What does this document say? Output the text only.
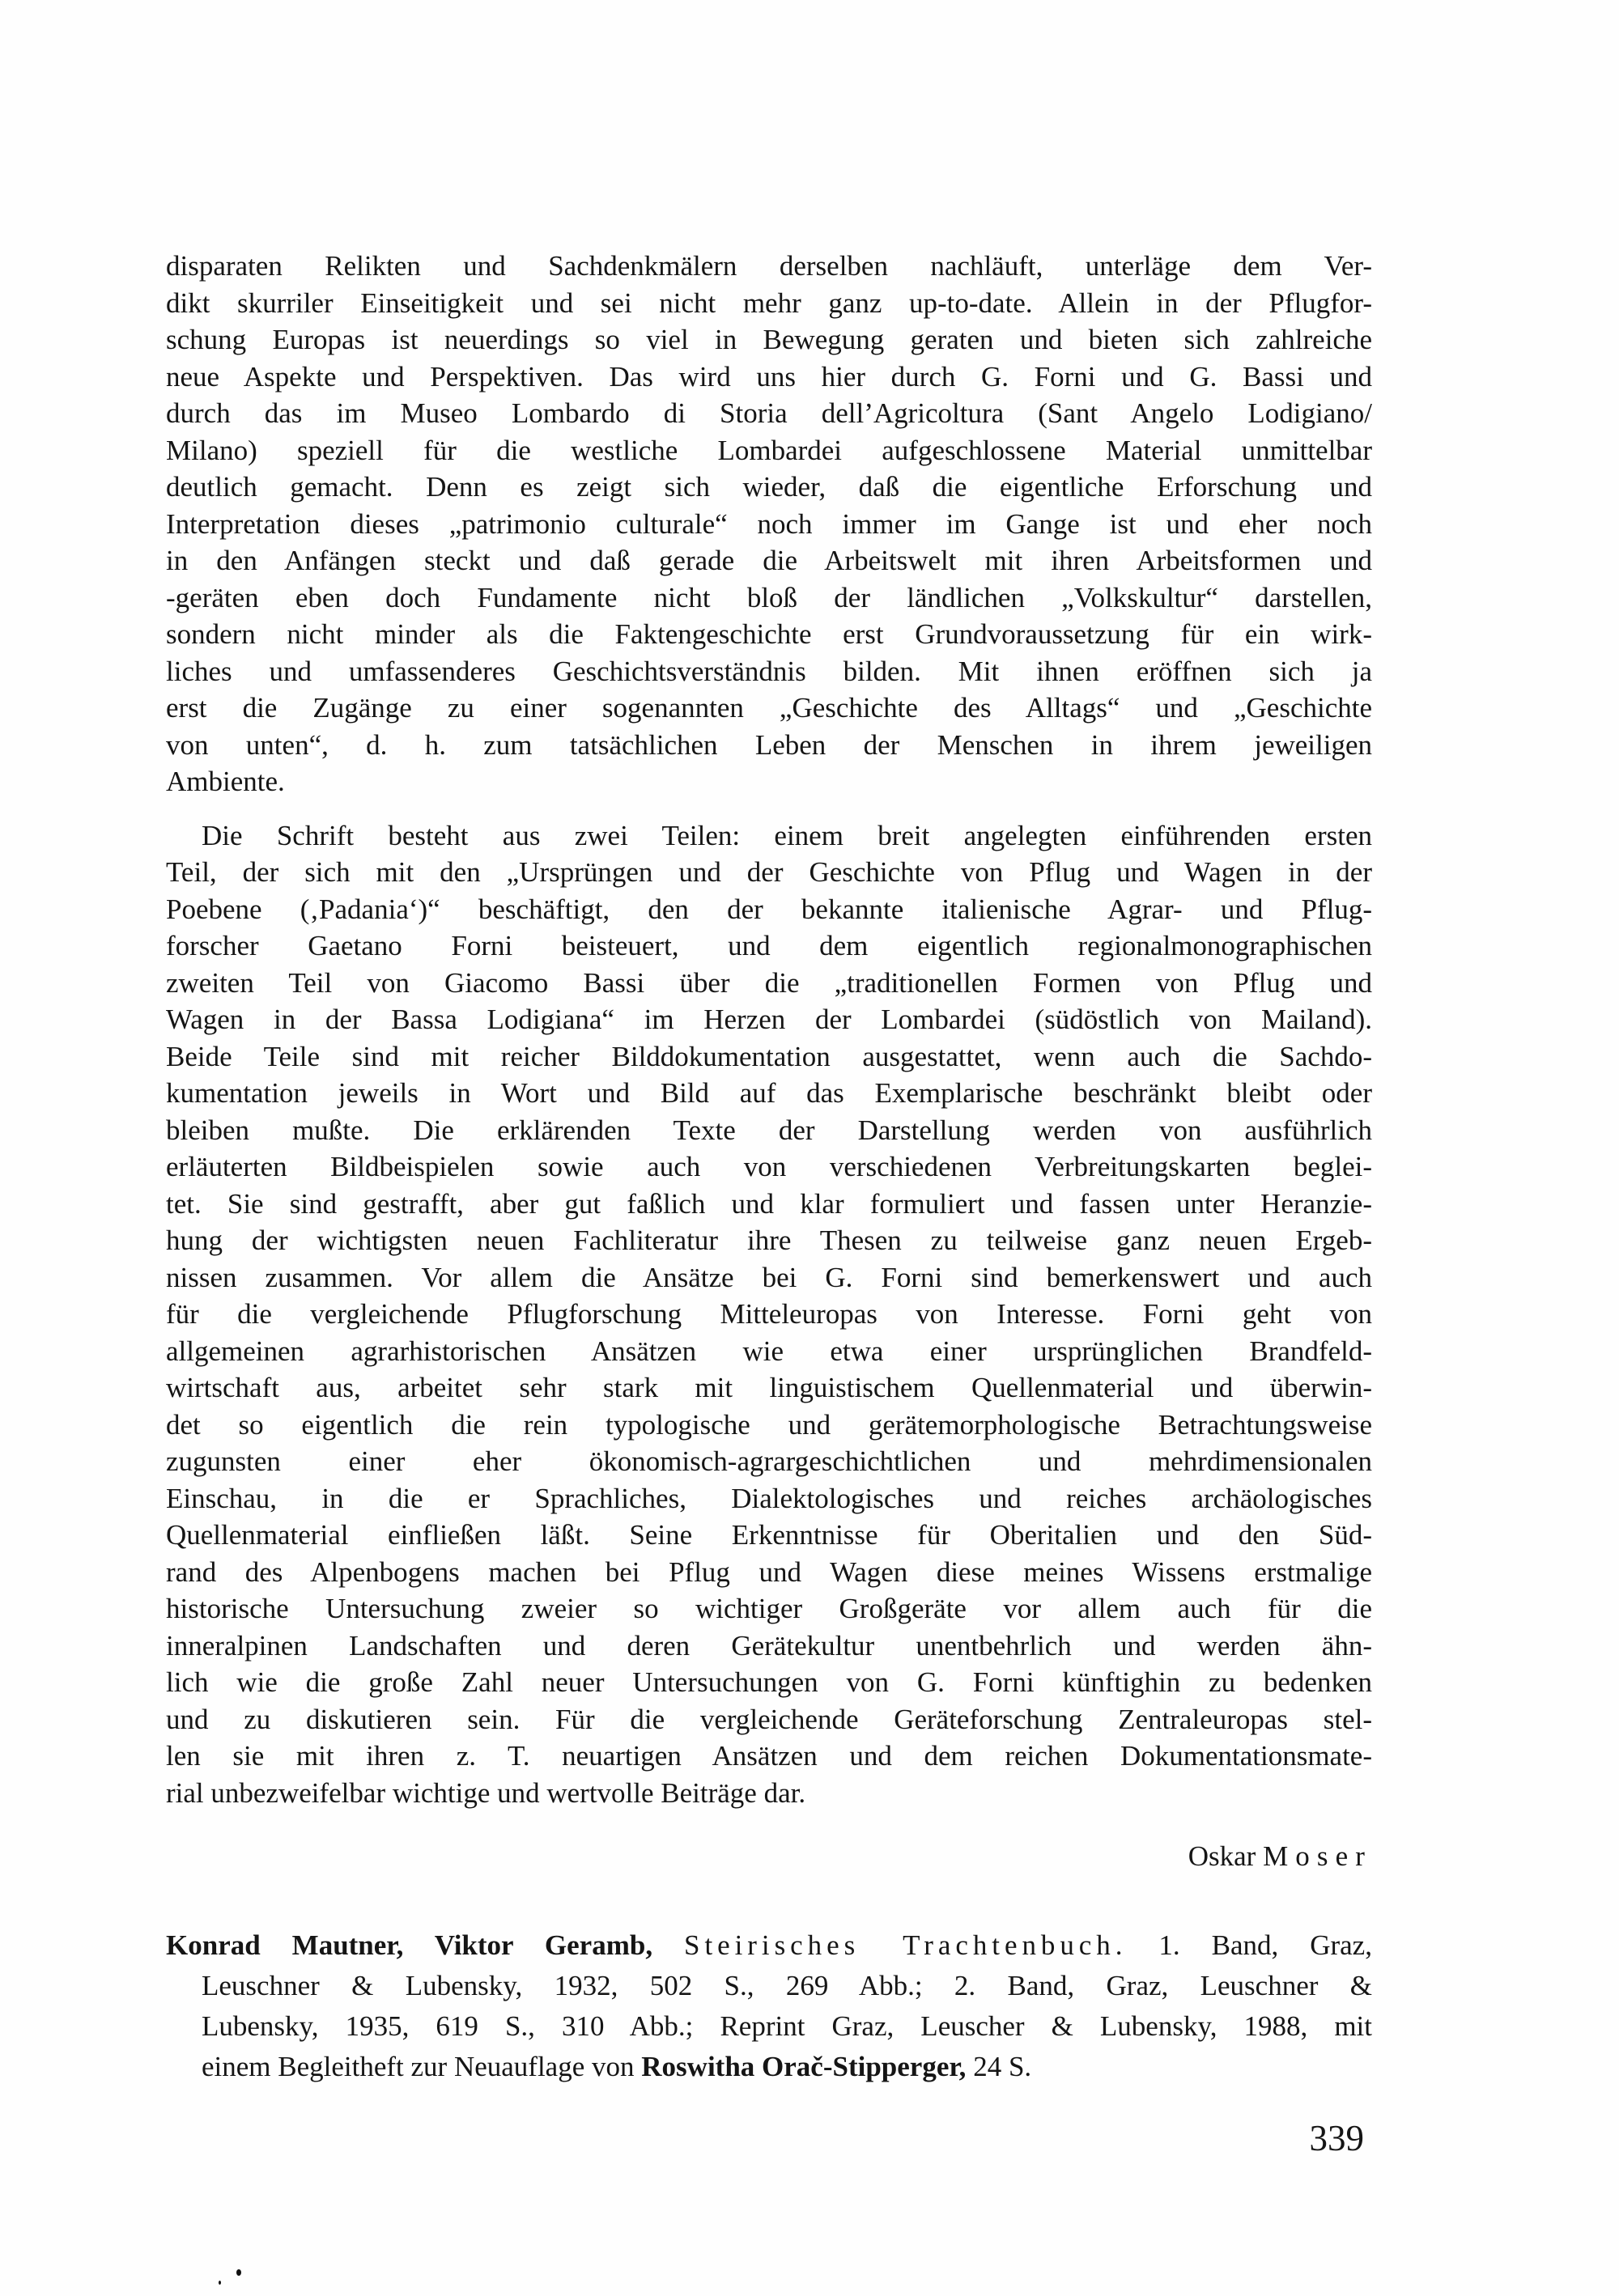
disparaten Relikten und Sachdenkmälern derselben nachläuft, unterläge dem Ver-
dikt skurriler Einseitigkeit und sei nicht mehr ganz up-to-date. Allein in der Pflugfor-
schung Europas ist neuerdings so viel in Bewegung geraten und bieten sich zahlreiche
neue Aspekte und Perspektiven. Das wird uns hier durch G. Forni und G. Bassi und
durch das im Museo Lombardo di Storia dell’Agricoltura (Sant Angelo Lodigiano/
Milano) speziell für die westliche Lombardei aufgeschlossene Material unmittelbar
deutlich gemacht. Denn es zeigt sich wieder, daß die eigentliche Erforschung und
Interpretation dieses „patrimonio culturale“ noch immer im Gange ist und eher noch
in den Anfängen steckt und daß gerade die Arbeitswelt mit ihren Arbeitsformen und
-geräten eben doch Fundamente nicht bloß der ländlichen „Volkskultur“ darstellen,
sondern nicht minder als die Faktengeschichte erst Grundvoraussetzung für ein wirk-
liches und umfassenderes Geschichtsverständnis bilden. Mit ihnen eröffnen sich ja
erst die Zugänge zu einer sogenannten „Geschichte des Alltags“ und „Geschichte
von unten“, d. h. zum tatsächlichen Leben der Menschen in ihrem jeweiligen
Ambiente.
Die Schrift besteht aus zwei Teilen: einem breit angelegten einführenden ersten
Teil, der sich mit den „Ursprüngen und der Geschichte von Pflug und Wagen in der
Poebene (‚Padania‘)“ beschäftigt, den der bekannte italienische Agrar- und Pflug-
forscher Gaetano Forni beisteuert, und dem eigentlich regionalmonographischen
zweiten Teil von Giacomo Bassi über die „traditionellen Formen von Pflug und
Wagen in der Bassa Lodigiana“ im Herzen der Lombardei (südöstlich von Mailand).
Beide Teile sind mit reicher Bilddokumentation ausgestattet, wenn auch die Sachdo-
kumentation jeweils in Wort und Bild auf das Exemplarische beschränkt bleibt oder
bleiben mußte. Die erklärenden Texte der Darstellung werden von ausführlich
erläuterten Bildbeispielen sowie auch von verschiedenen Verbreitungskarten beglei-
tet. Sie sind gestrafft, aber gut faßlich und klar formuliert und fassen unter Heranzie-
hung der wichtigsten neuen Fachliteratur ihre Thesen zu teilweise ganz neuen Ergeb-
nissen zusammen. Vor allem die Ansätze bei G. Forni sind bemerkenswert und auch
für die vergleichende Pflugforschung Mitteleuropas von Interesse. Forni geht von
allgemeinen agrarhistorischen Ansätzen wie etwa einer ursprünglichen Brandfeld-
wirtschaft aus, arbeitet sehr stark mit linguistischem Quellenmaterial und überwin-
det so eigentlich die rein typologische und gerätemorphologische Betrachtungsweise
zugunsten einer eher ökonomisch-agrargeschichtlichen und mehrdimensionalen
Einschau, in die er Sprachliches, Dialektologisches und reiches archäologisches
Quellenmaterial einfließen läßt. Seine Erkenntnisse für Oberitalien und den Süd-
rand des Alpenbogens machen bei Pflug und Wagen diese meines Wissens erstmalige
historische Untersuchung zweier so wichtiger Großgeräte vor allem auch für die
inneralpinen Landschaften und deren Gerätekultur unentbehrlich und werden ähn-
lich wie die große Zahl neuer Untersuchungen von G. Forni künftighin zu bedenken
und zu diskutieren sein. Für die vergleichende Geräteforschung Zentraleuropas stel-
len sie mit ihren z. T. neuartigen Ansätzen und dem reichen Dokumentationsmate-
rial unbezweifelbar wichtige und wertvolle Beiträge dar.
Oskar Moser
Konrad Mautner, Viktor Geramb, Steirisches Trachtenbuch. 1. Band, Graz,
Leuschner & Lubensky, 1932, 502 S., 269 Abb.; 2. Band, Graz, Leuschner &
Lubensky, 1935, 619 S., 310 Abb.; Reprint Graz, Leuscher & Lubensky, 1988, mit
einem Begleitheft zur Neuauflage von Roswitha Orač-Stipperger, 24 S.
339
